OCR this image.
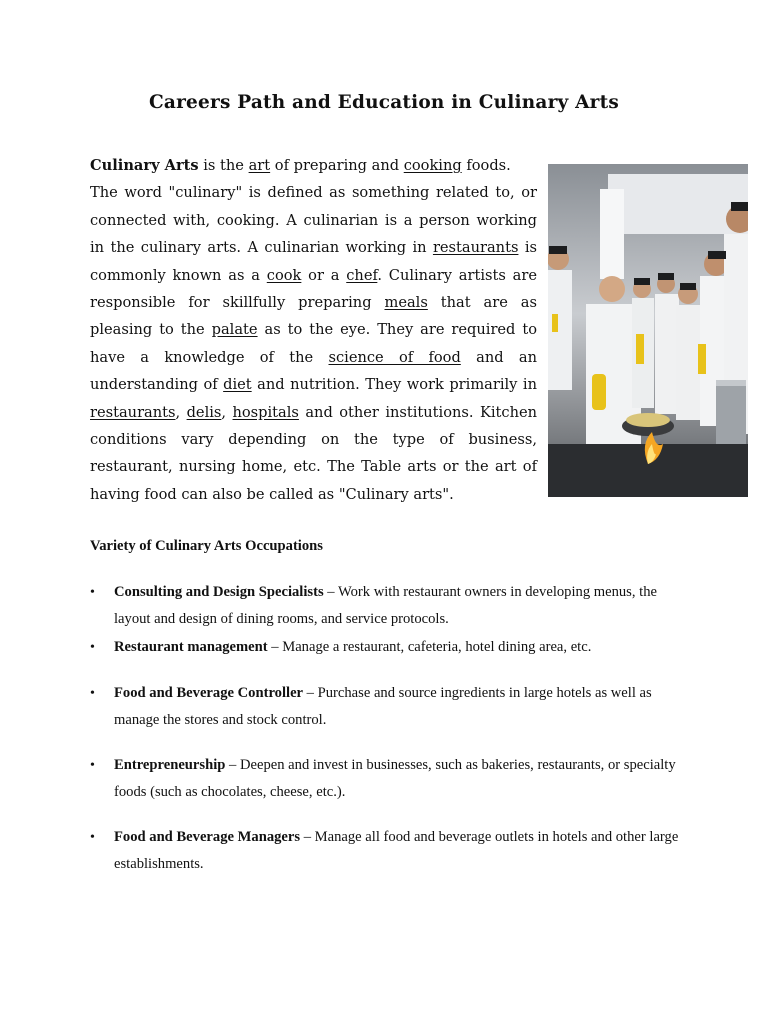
Careers Path and Education in Culinary Arts

Culinary Arts is the art of preparing and cooking foods.

The word "culinary" is defined as something related to, or connected with, cooking. A culinarian is a person working in the culinary arts. A culinarian working in restaurants is commonly known as a cook or a chef. Culinary artists are responsible for skillfully preparing meals that are as pleasing to the palate as to the eye. They are required to have a knowledge of the science of food and an understanding of diet and nutrition. They work primarily in restaurants, delis, hospitals and other institutions. Kitchen conditions vary depending on the type of business, restaurant, nursing home, etc. The Table arts or the art of having food can also be called as "Culinary arts".

Variety of Culinary Arts Occupations
• Consulting and Design Specialists – Work with restaurant owners in developing menus, the layout and design of dining rooms, and service protocols.
• Restaurant management – Manage a restaurant, cafeteria, hotel dining area, etc.
• Food and Beverage Controller – Purchase and source ingredients in large hotels as well as manage the stores and stock control.
• Entrepreneurship – Deepen and invest in businesses, such as bakeries, restaurants, or specialty foods (such as chocolates, cheese, etc.).
• Food and Beverage Managers – Manage all food and beverage outlets in hotels and other large establishments.
